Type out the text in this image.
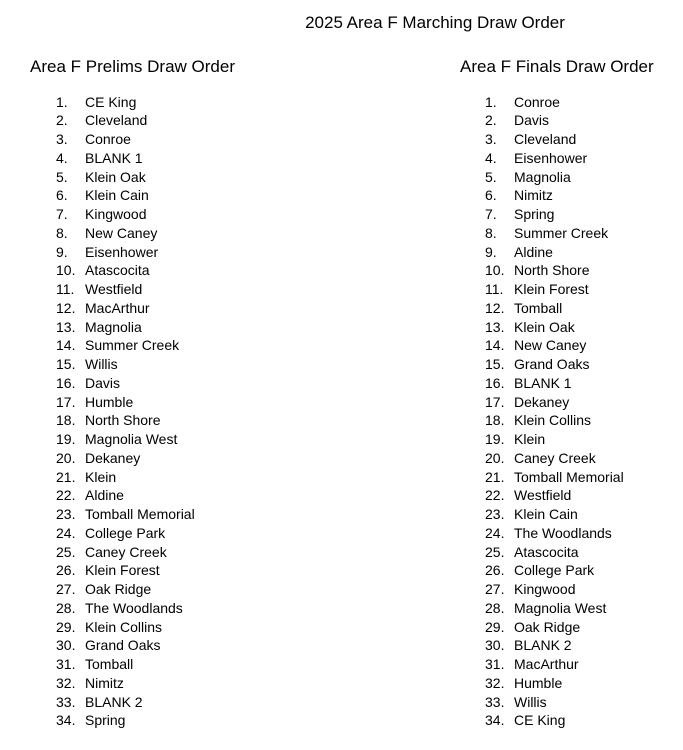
2025 Area F Marching Draw Order
Area F Prelims Draw Order	Area F Finals Draw Order
1. CE King
2. Cleveland
3. Conroe
4. BLANK 1
5. Klein Oak
6. Klein Cain
7. Kingwood
8. New Caney
9. Eisenhower
10. Atascocita
11. Westfield
12. MacArthur
13. Magnolia
14. Summer Creek
15. Willis
16. Davis
17. Humble
18. North Shore
19. Magnolia West
20. Dekaney
21. Klein
22. Aldine
23. Tomball Memorial
24. College Park
25. Caney Creek
26. Klein Forest
27. Oak Ridge
28. The Woodlands
29. Klein Collins
30. Grand Oaks
31. Tomball
32. Nimitz
33. BLANK 2
34. Spring
1. Conroe
2. Davis
3. Cleveland
4. Eisenhower
5. Magnolia
6. Nimitz
7. Spring
8. Summer Creek
9. Aldine
10. North Shore
11. Klein Forest
12. Tomball
13. Klein Oak
14. New Caney
15. Grand Oaks
16. BLANK 1
17. Dekaney
18. Klein Collins
19. Klein
20. Caney Creek
21. Tomball Memorial
22. Westfield
23. Klein Cain
24. The Woodlands
25. Atascocita
26. College Park
27. Kingwood
28. Magnolia West
29. Oak Ridge
30. BLANK 2
31. MacArthur
32. Humble
33. Willis
34. CE King
